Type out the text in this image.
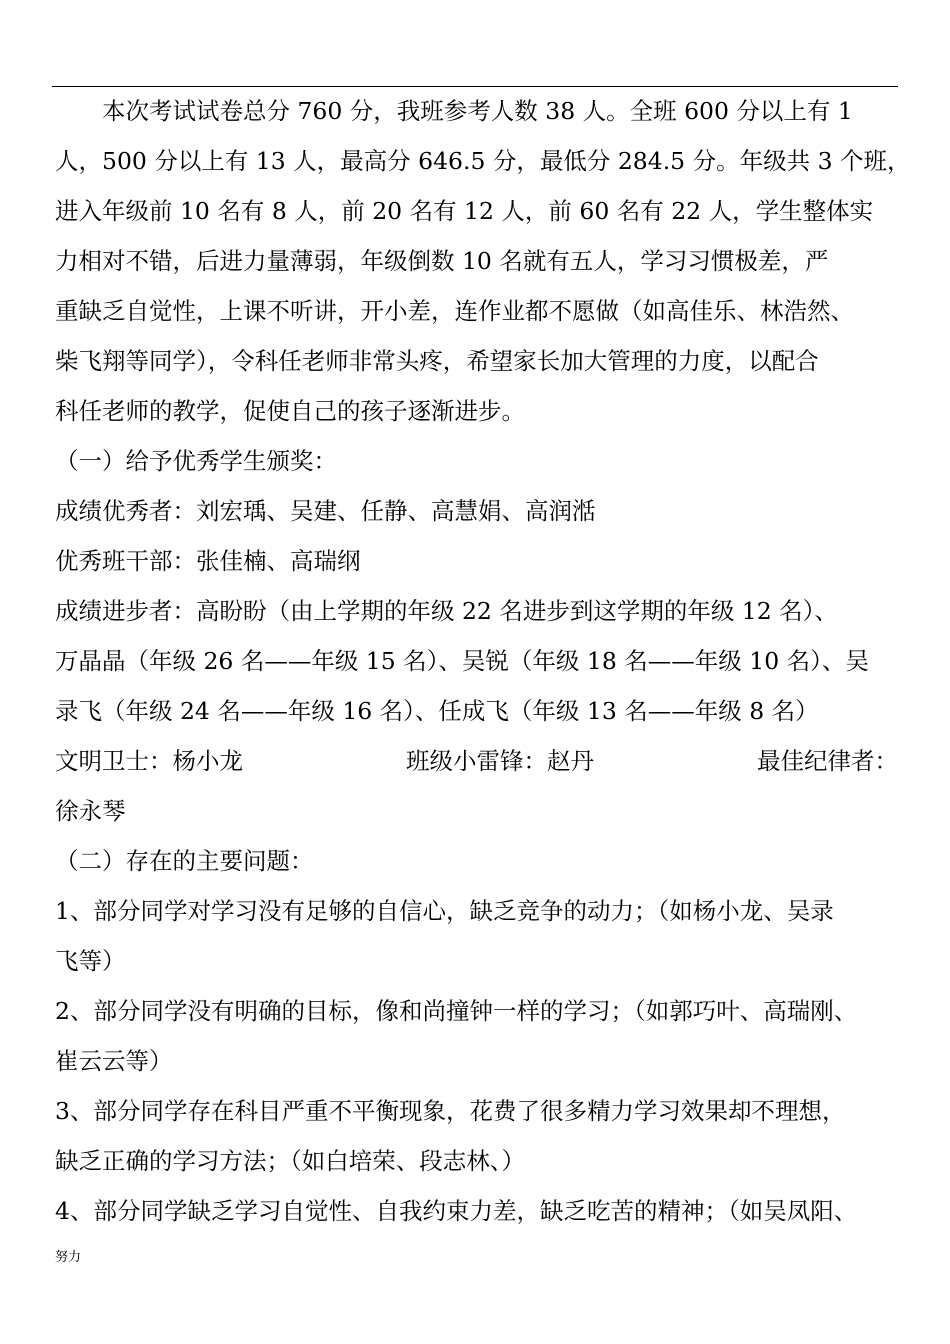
本次考试试卷总分 760 分，我班参考人数 38 人。全班 600 分以上有 1

人，500 分以上有 13 人，最高分 646.5 分，最低分 284.5 分。年级共 3 个班，

进入年级前 10 名有 8 人，前 20 名有 12 人，前 60 名有 22 人，学生整体实

力相对不错，后进力量薄弱，年级倒数 10 名就有五人，学习习惯极差，严

重缺乏自觉性，上课不听讲，开小差，连作业都不愿做（如高佳乐、林浩然、

柴飞翔等同学），令科任老师非常头疼，希望家长加大管理的力度，以配合

科任老师的教学，促使自己的孩子逐渐进步。

（一）给予优秀学生颁奖：

成绩优秀者：刘宏瑀、吴建、任静、高慧娟、高润湉

优秀班干部：张佳楠、高瑞纲

成绩进步者：高盼盼（由上学期的年级 22 名进步到这学期的年级 12 名）、

万晶晶（年级 26 名——年级 15 名）、吴锐（年级 18 名——年级 10 名）、吴

录飞（年级 24 名——年级 16 名）、任成飞（年级 13 名——年级 8 名）

文明卫士：杨小龙	班级小雷锋：赵丹	最佳纪律者：

徐永琴

（二）存在的主要问题：

1、部分同学对学习没有足够的自信心，缺乏竞争的动力；（如杨小龙、吴录

飞等）

2、部分同学没有明确的目标，像和尚撞钟一样的学习；（如郭巧叶、高瑞刚、

崔云云等）

3、部分同学存在科目严重不平衡现象，花费了很多精力学习效果却不理想，

缺乏正确的学习方法；（如白培荣、段志林、）

4、部分同学缺乏学习自觉性、自我约束力差，缺乏吃苦的精神；（如吴凤阳、

努力
